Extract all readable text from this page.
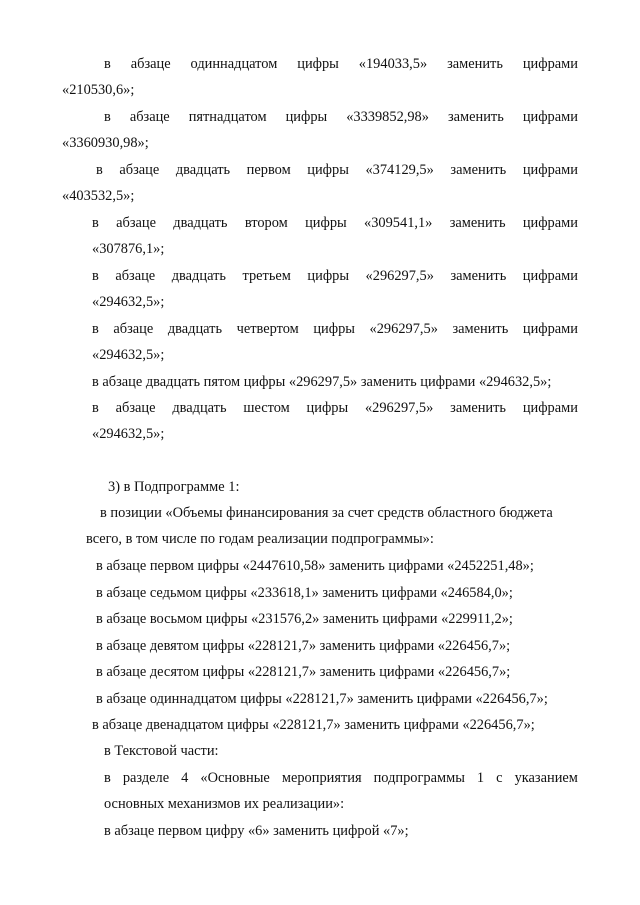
в абзаце одиннадцатом цифры «194033,5» заменить цифрами
«210530,6»;
в абзаце пятнадцатом цифры «3339852,98» заменить цифрами
«3360930,98»;
в абзаце двадцать первом цифры «374129,5» заменить цифрами
«403532,5»;
в абзаце двадцать втором цифры «309541,1» заменить цифрами
«307876,1»;
в абзаце двадцать третьем цифры «296297,5» заменить цифрами
«294632,5»;
в абзаце двадцать четвертом цифры «296297,5» заменить цифрами
«294632,5»;
в абзаце двадцать пятом цифры «296297,5» заменить цифрами «294632,5»;
в абзаце двадцать шестом цифры «296297,5» заменить цифрами
«294632,5»;
3) в Подпрограмме 1:
в позиции «Объемы финансирования за счет средств областного бюджета
всего, в том числе по годам реализации подпрограммы»:
в абзаце первом цифры «2447610,58» заменить цифрами «2452251,48»;
в абзаце седьмом цифры «233618,1» заменить цифрами «246584,0»;
в абзаце восьмом цифры «231576,2» заменить цифрами «229911,2»;
в абзаце девятом цифры «228121,7» заменить цифрами «226456,7»;
в абзаце десятом цифры «228121,7» заменить цифрами «226456,7»;
в абзаце одиннадцатом цифры «228121,7» заменить цифрами «226456,7»;
в абзаце двенадцатом цифры «228121,7» заменить цифрами «226456,7»;
в Текстовой части:
в разделе 4 «Основные мероприятия подпрограммы 1 с указанием
основных механизмов их реализации»:
в абзаце первом цифру «6» заменить цифрой «7»;
